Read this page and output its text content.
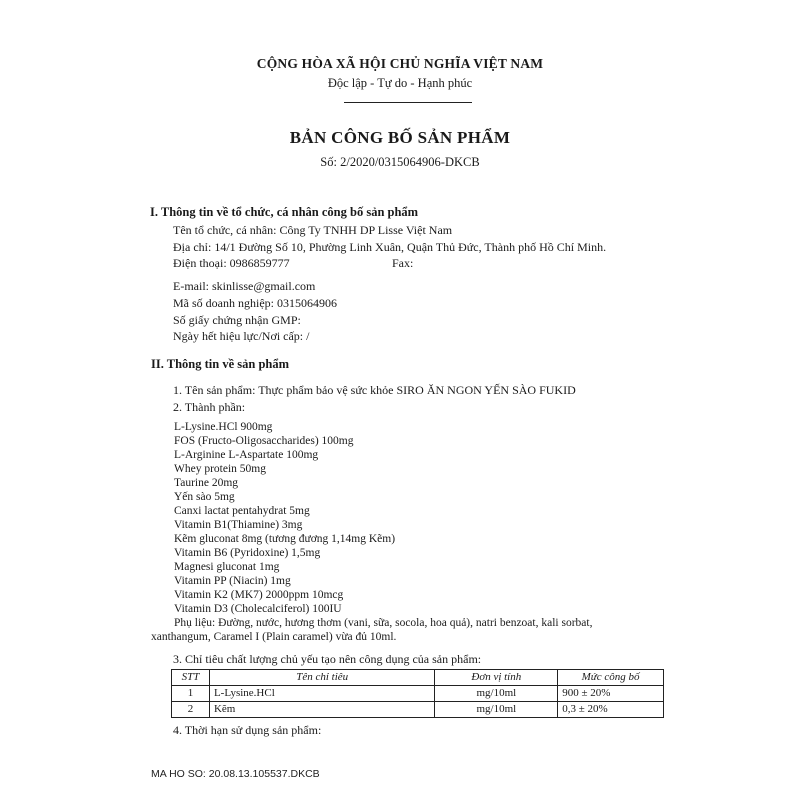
CỘNG HÒA XÃ HỘI CHỦ NGHĨA VIỆT NAM
Độc lập - Tự do - Hạnh phúc
BẢN CÔNG BỐ SẢN PHẨM
Số: 2/2020/0315064906-DKCB
I. Thông tin về tổ chức, cá nhân công bố sản phẩm
Tên tổ chức, cá nhân: Công Ty TNHH DP Lisse Việt Nam
Địa chỉ: 14/1 Đường Số 10, Phường Linh Xuân, Quận Thủ Đức, Thành phố Hồ Chí Minh.
Điện thoại: 0986859777	Fax:
E-mail: skinlisse@gmail.com
Mã số doanh nghiệp: 0315064906
Số giấy chứng nhận GMP:
Ngày hết hiệu lực/Nơi cấp: /
II. Thông tin về sản phẩm
1. Tên sản phẩm: Thực phẩm bảo vệ sức khỏe SIRO ĂN NGON YẾN SÀO FUKID
2. Thành phần:
L-Lysine.HCl 900mg
FOS (Fructo-Oligosaccharides) 100mg
L-Arginine L-Aspartate 100mg
Whey protein 50mg
Taurine 20mg
Yến sào 5mg
Canxi lactat pentahydrat 5mg
Vitamin B1(Thiamine) 3mg
Kẽm gluconat 8mg (tương đương 1,14mg Kẽm)
Vitamin B6 (Pyridoxine) 1,5mg
Magnesi gluconat 1mg
Vitamin PP (Niacin) 1mg
Vitamin K2 (MK7) 2000ppm 10mcg
Vitamin D3 (Cholecalciferol) 100IU
Phụ liệu: Đường, nước, hương thơm (vani, sữa, socola, hoa quả), natri benzoat, kali sorbat,
xanthangum, Caramel I (Plain caramel) vừa đủ 10ml.
3. Chỉ tiêu chất lượng chủ yếu tạo nên công dụng của sản phẩm:
STT	Tên chỉ tiêu	Đơn vị tính	Mức công bố
1	L-Lysine.HCl	mg/10ml	900 ± 20%
2	Kẽm	mg/10ml	0,3 ± 20%
4. Thời hạn sử dụng sản phẩm:
MA HO SO: 20.08.13.105537.DKCB
